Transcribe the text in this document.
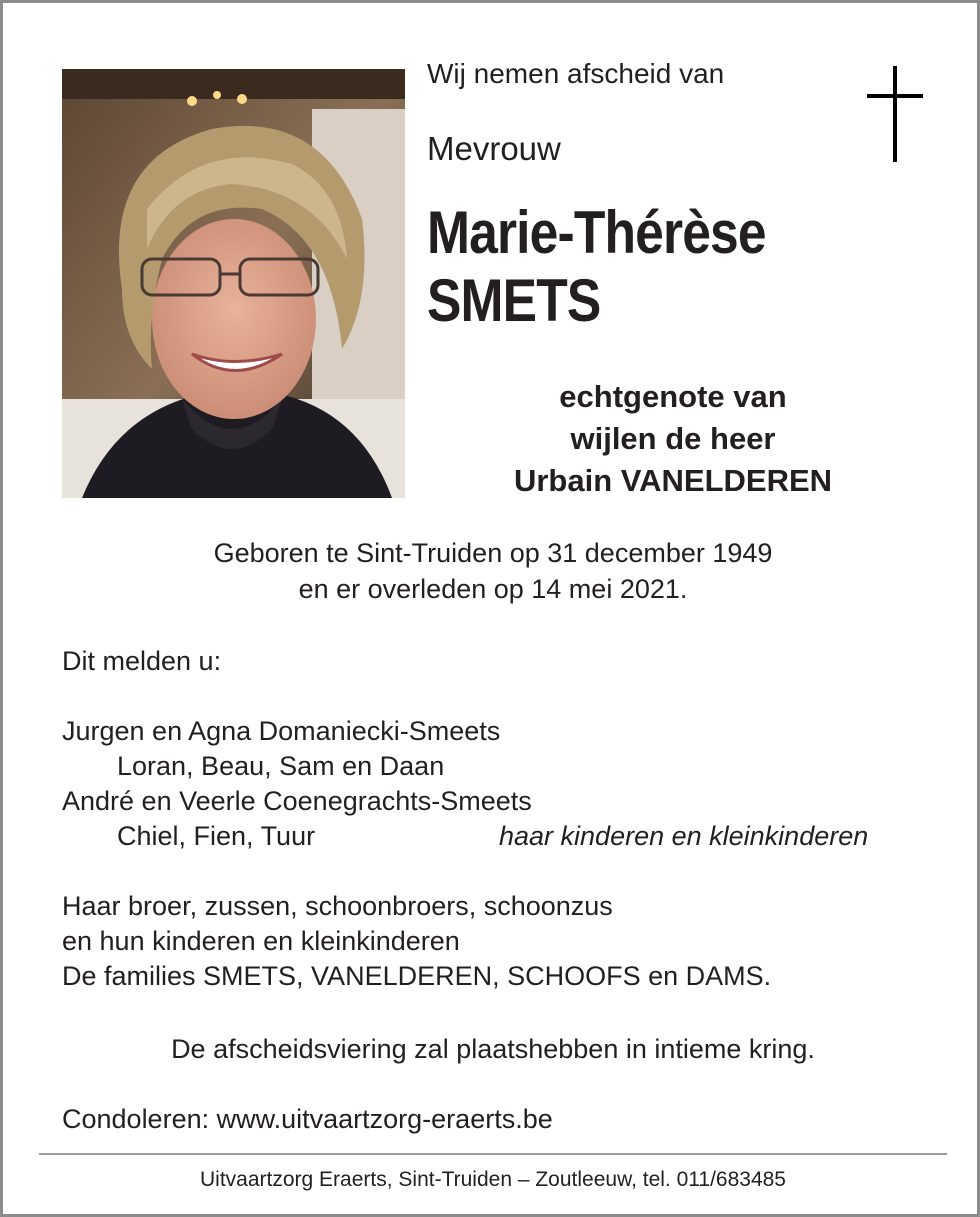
Wij nemen afscheid van
Mevrouw
Marie-Thérèse
SMETS
echtgenote van
wijlen de heer
Urbain VANELDEREN
Geboren te Sint-Truiden op 31 december 1949
en er overleden op 14 mei 2021.
Dit melden u:
Jurgen en Agna Domaniecki-Smeets
Loran, Beau, Sam en Daan
André en Veerle Coenegrachts-Smeets
Chiel, Fien, Tuur	haar kinderen en kleinkinderen
Haar broer, zussen, schoonbroers, schoonzus
en hun kinderen en kleinkinderen
De families SMETS, VANELDEREN, SCHOOFS en DAMS.
De afscheidsviering zal plaatshebben in intieme kring.
Condoleren: www.uitvaartzorg-eraerts.be
Uitvaartzorg Eraerts, Sint-Truiden – Zoutleeuw, tel. 011/683485
